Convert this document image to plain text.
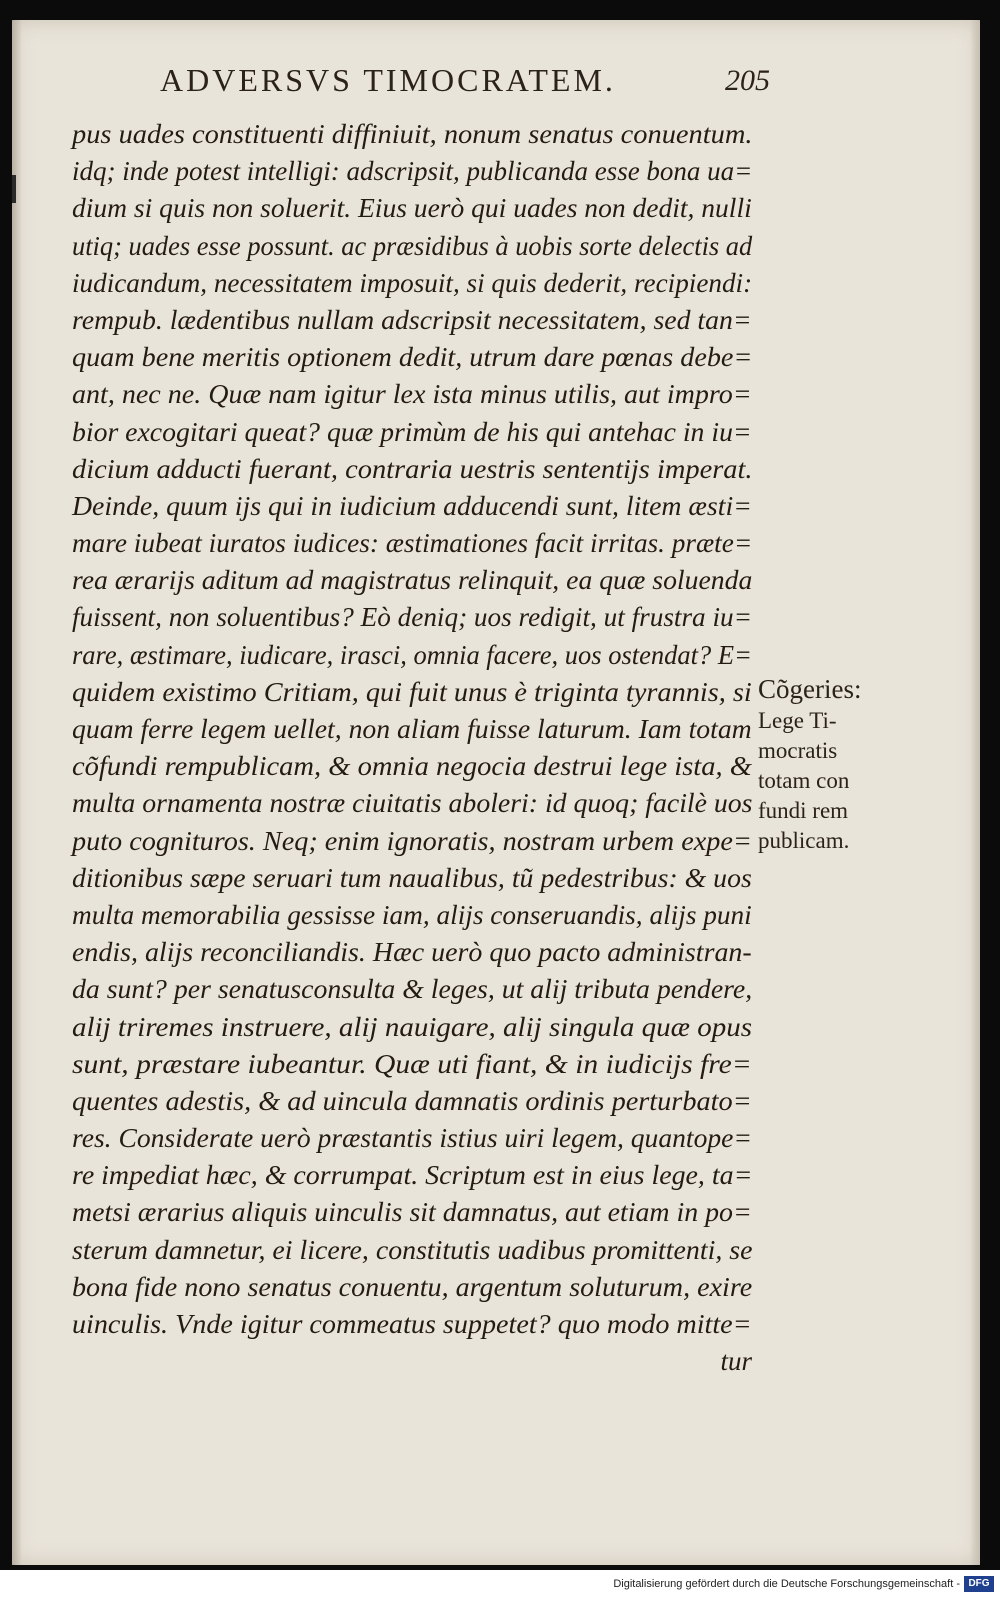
ADVERSVS TIMOCRATEM.	205
pus uades constituenti diffiniuit, nonum senatus conuentum.
idq; inde potest intelligi: adscripsit, publicanda esse bona ua=
dium si quis non soluerit. Eius uerò qui uades non dedit, nulli
utiq; uades esse possunt. ac præsidibus à uobis sorte delectis ad
iudicandum, necessitatem imposuit, si quis dederit, recipiendi:
rempub. lædentibus nullam adscripsit necessitatem, sed tan=
quam bene meritis optionem dedit, utrum dare pœnas debe=
ant, nec ne. Quæ nam igitur lex ista minus utilis, aut impro=
bior excogitari queat? quæ primùm de his qui antehac in iu=
dicium adducti fuerant, contraria uestris sententijs imperat.
Deinde, quum ijs qui in iudicium adducendi sunt, litem æsti=
mare iubeat iuratos iudices: æstimationes facit irritas. præte=
rea ærarijs aditum ad magistratus relinquit, ea quæ soluenda
fuissent, non soluentibus? Eò deniq; uos redigit, ut frustra iu=
rare, æstimare, iudicare, irasci, omnia facere, uos ostendat? E=
quidem existimo Critiam, qui fuit unus è triginta tyrannis, si
quam ferre legem uellet, non aliam fuisse laturum. Iam totam
cõfundi rempublicam, & omnia negocia destrui lege ista, &
multa ornamenta nostræ ciuitatis aboleri: id quoq; facilè uos
puto cognituros. Neq; enim ignoratis, nostram urbem expe=
ditionibus sæpe seruari tum naualibus, tũ pedestribus: & uos
multa memorabilia gessisse iam, alijs conseruandis, alijs puni
endis, alijs reconciliandis. Hæc uerò quo pacto administran-
da sunt? per senatusconsulta & leges, ut alij tributa pendere,
alij triremes instruere, alij nauigare, alij singula quæ opus
sunt, præstare iubeantur. Quæ uti fiant, & in iudicijs fre=
quentes adestis, & ad uincula damnatis ordinis perturbato=
res. Considerate uerò præstantis istius uiri legem, quantope=
re impediat hæc, & corrumpat. Scriptum est in eius lege, ta=
metsi ærarius aliquis uinculis sit damnatus, aut etiam in po=
sterum damnetur, ei licere, constitutis uadibus promittenti, se
bona fide nono senatus conuentu, argentum soluturum, exire
uinculis. Vnde igitur commeatus suppetet? quo modo mitte=
tur
Cõgeries:
Lege Ti-
mocratis
totam con
fundi rem
publicam.
Digitalisierung gefördert durch die Deutsche Forschungsgemeinschaft - DFG
